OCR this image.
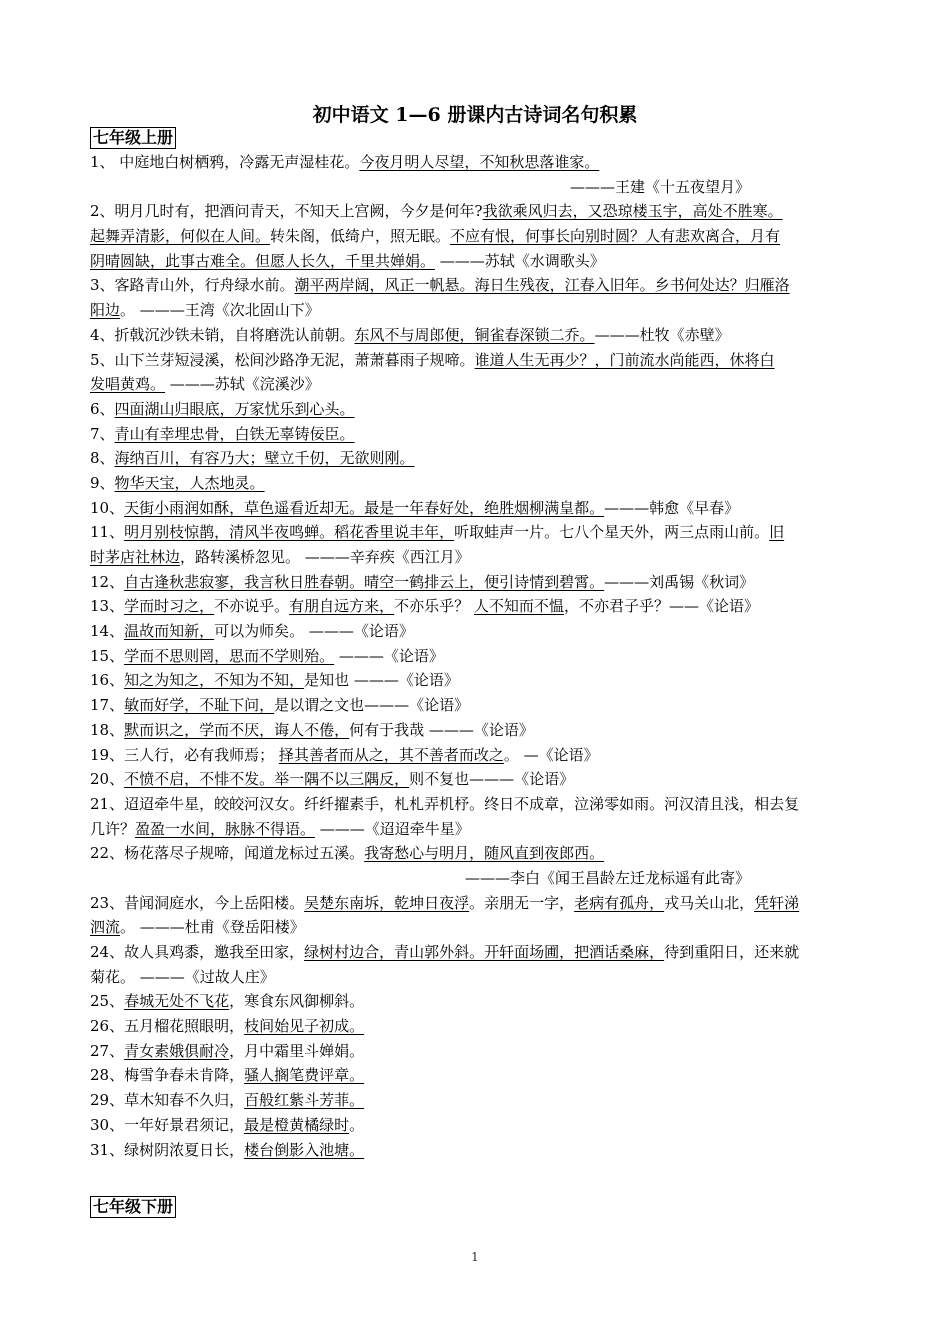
初中语文 1—6 册课内古诗词名句积累
七年级上册
1、 中庭地白树栖鸦，冷露无声湿桂花。今夜月明人尽望，不知秋思落谁家。
———王建《十五夜望月》
2、明月几时有，把酒问青天，不知天上宫阙，今夕是何年?我欲乘风归去，又恐琼楼玉宇，高处不胜寒。
起舞弄清影，何似在人间。转朱阁，低绮户，照无眠。不应有恨，何事长向别时圆？人有悲欢离合，月有
阴晴圆缺，此事古难全。但愿人长久，千里共婵娟。 ———苏轼《水调歌头》
3、客路青山外，行舟绿水前。潮平两岸阔，风正一帆悬。海日生残夜，江春入旧年。乡书何处达？归雁洛
阳边。 ———王湾《次北固山下》
4、折戟沉沙铁未销，自将磨洗认前朝。东风不与周郎便，铜雀春深锁二乔。———杜牧《赤壁》
5、山下兰芽短浸溪，松间沙路净无泥，萧萧暮雨子规啼。谁道人生无再少？，门前流水尚能西，休将白
发唱黄鸡。 ———苏轼《浣溪沙》
6、四面湖山归眼底，万家忧乐到心头。
7、青山有幸埋忠骨，白铁无辜铸佞臣。
8、海纳百川，有容乃大；壁立千仞，无欲则刚。
9、物华天宝，人杰地灵。
10、天街小雨润如酥，草色遥看近却无。最是一年春好处，绝胜烟柳满皇都。———韩愈《早春》
11、明月别枝惊鹊，清风半夜鸣蝉。稻花香里说丰年，听取蛙声一片。七八个星天外，两三点雨山前。旧
时茅店社林边，路转溪桥忽见。 ———辛弃疾《西江月》
12、自古逢秋悲寂寥，我言秋日胜春朝。晴空一鹤排云上，便引诗情到碧霄。———刘禹锡《秋词》
13、学而时习之，不亦说乎。有朋自远方来，不亦乐乎？ 人不知而不愠，不亦君子乎？——《论语》
14、温故而知新，可以为师矣。 ———《论语》
15、学而不思则罔，思而不学则殆。 ———《论语》
16、知之为知之，不知为不知，是知也 ———《论语》
17、敏而好学，不耻下问，是以谓之文也———《论语》
18、默而识之，学而不厌，诲人不倦，何有于我哉 ———《论语》
19、三人行，必有我师焉； 择其善者而从之，其不善者而改之。 —《论语》
20、不愤不启，不悱不发。举一隅不以三隅反，则不复也———《论语》
21、迢迢牵牛星，皎皎河汉女。纤纤擢素手，札札弄机杼。终日不成章，泣涕零如雨。河汉清且浅，相去复
几许？盈盈一水间，脉脉不得语。 ———《迢迢牵牛星》
22、杨花落尽子规啼，闻道龙标过五溪。我寄愁心与明月，随风直到夜郎西。
———李白《闻王昌龄左迁龙标遥有此寄》
23、昔闻洞庭水，今上岳阳楼。吴楚东南坼，乾坤日夜浮。亲朋无一字，老病有孤舟，戎马关山北，凭轩涕
泗流。 ———杜甫《登岳阳楼》
24、故人具鸡黍，邀我至田家，绿树村边合，青山郭外斜。开轩面场圃，把酒话桑麻，待到重阳日，还来就
菊花。 ———《过故人庄》
25、春城无处不飞花，寒食东风御柳斜。
26、五月榴花照眼明，枝间始见子初成。
27、青女素娥俱耐冷，月中霜里斗婵娟。
28、梅雪争春未肯降，骚人搁笔费评章。
29、草木知春不久归，百般红紫斗芳菲。
30、一年好景君须记，最是橙黄橘绿时。
31、绿树阴浓夏日长，楼台倒影入池塘。
七年级下册
1
